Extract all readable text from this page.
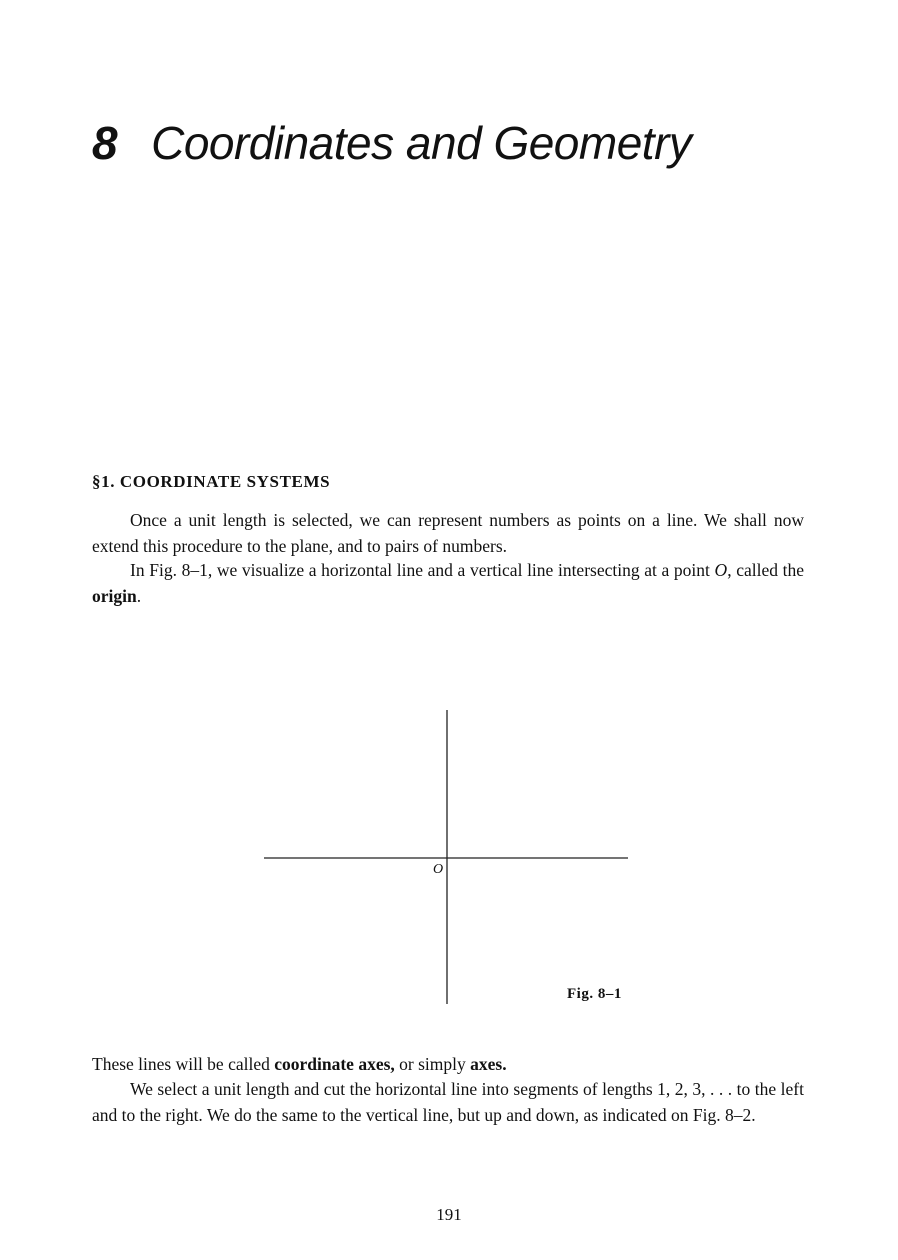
8 Coordinates and Geometry
§1. COORDINATE SYSTEMS

Once a unit length is selected, we can represent numbers as points on a line. We shall now extend this procedure to the plane, and to pairs of numbers.

In Fig. 8–1, we visualize a horizontal line and a vertical line intersecting at a point O, called the origin.

O
Fig. 8–1

These lines will be called coordinate axes, or simply axes.

We select a unit length and cut the horizontal line into segments of lengths 1, 2, 3, . . . to the left and to the right. We do the same to the vertical line, but up and down, as indicated on Fig. 8–2.

191
